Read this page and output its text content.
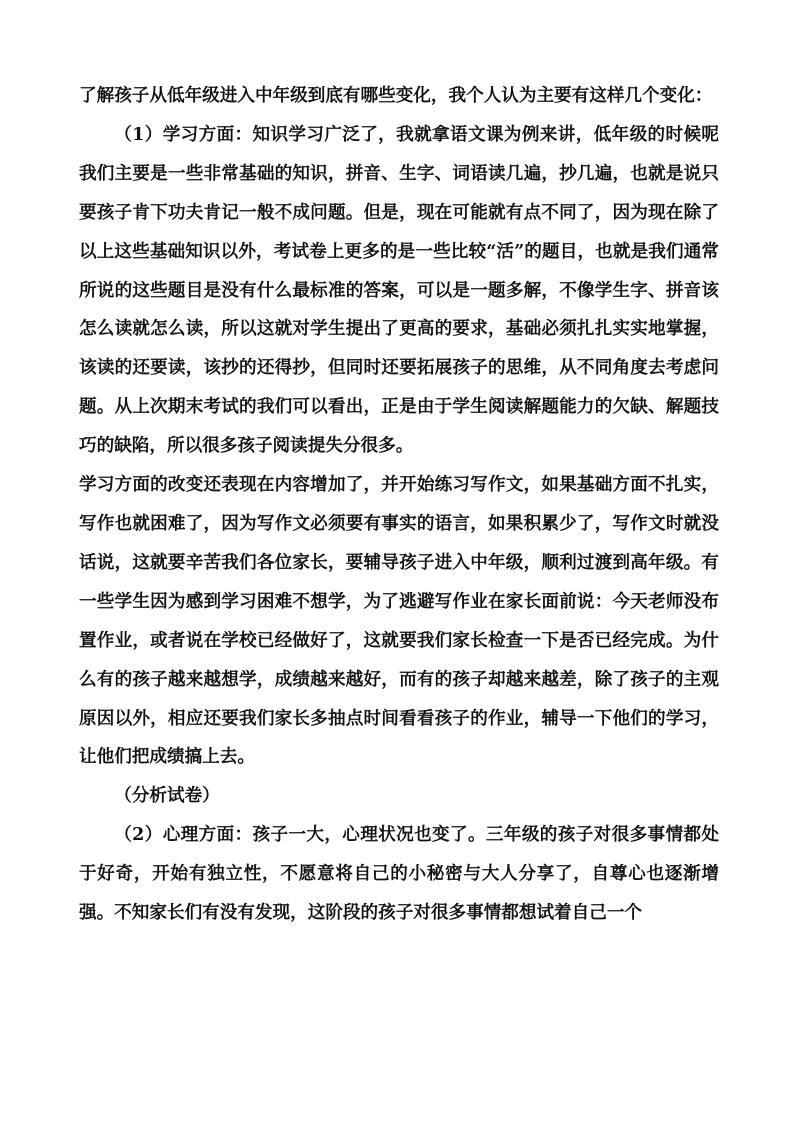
了解孩子从低年级进入中年级到底有哪些变化，我个人认为主要有这样几个变化：

（1）学习方面：知识学习广泛了，我就拿语文课为例来讲，低年级的时候呢我们主要是一些非常基础的知识，拼音、生字、词语读几遍，抄几遍，也就是说只要孩子肯下功夫肯记一般不成问题。但是，现在可能就有点不同了，因为现在除了以上这些基础知识以外，考试卷上更多的是一些比较“活”的题目，也就是我们通常所说的这些题目是没有什么最标准的答案，可以是一题多解，不像学生字、拼音该怎么读就怎么读，所以这就对学生提出了更高的要求，基础必须扎扎实实地掌握，该读的还要读，该抄的还得抄，但同时还要拓展孩子的思维，从不同角度去考虑问题。从上次期末考试的我们可以看出，正是由于学生阅读解题能力的欠缺、解题技巧的缺陷，所以很多孩子阅读提失分很多。

学习方面的改变还表现在内容增加了，并开始练习写作文，如果基础方面不扎实，写作也就困难了，因为写作文必须要有事实的语言，如果积累少了，写作文时就没话说，这就要辛苦我们各位家长，要辅导孩子进入中年级，顺利过渡到高年级。有一些学生因为感到学习困难不想学，为了逃避写作业在家长面前说：今天老师没布置作业，或者说在学校已经做好了，这就要我们家长检查一下是否已经完成。为什么有的孩子越来越想学，成绩越来越好，而有的孩子却越来越差，除了孩子的主观原因以外，相应还要我们家长多抽点时间看看孩子的作业，辅导一下他们的学习，让他们把成绩搞上去。

（分析试卷）

（2）心理方面：孩子一大，心理状况也变了。三年级的孩子对很多事情都处于好奇，开始有独立性，不愿意将自己的小秘密与大人分享了，自尊心也逐渐增强。不知家长们有没有发现，这阶段的孩子对很多事情都想试着自己一个
